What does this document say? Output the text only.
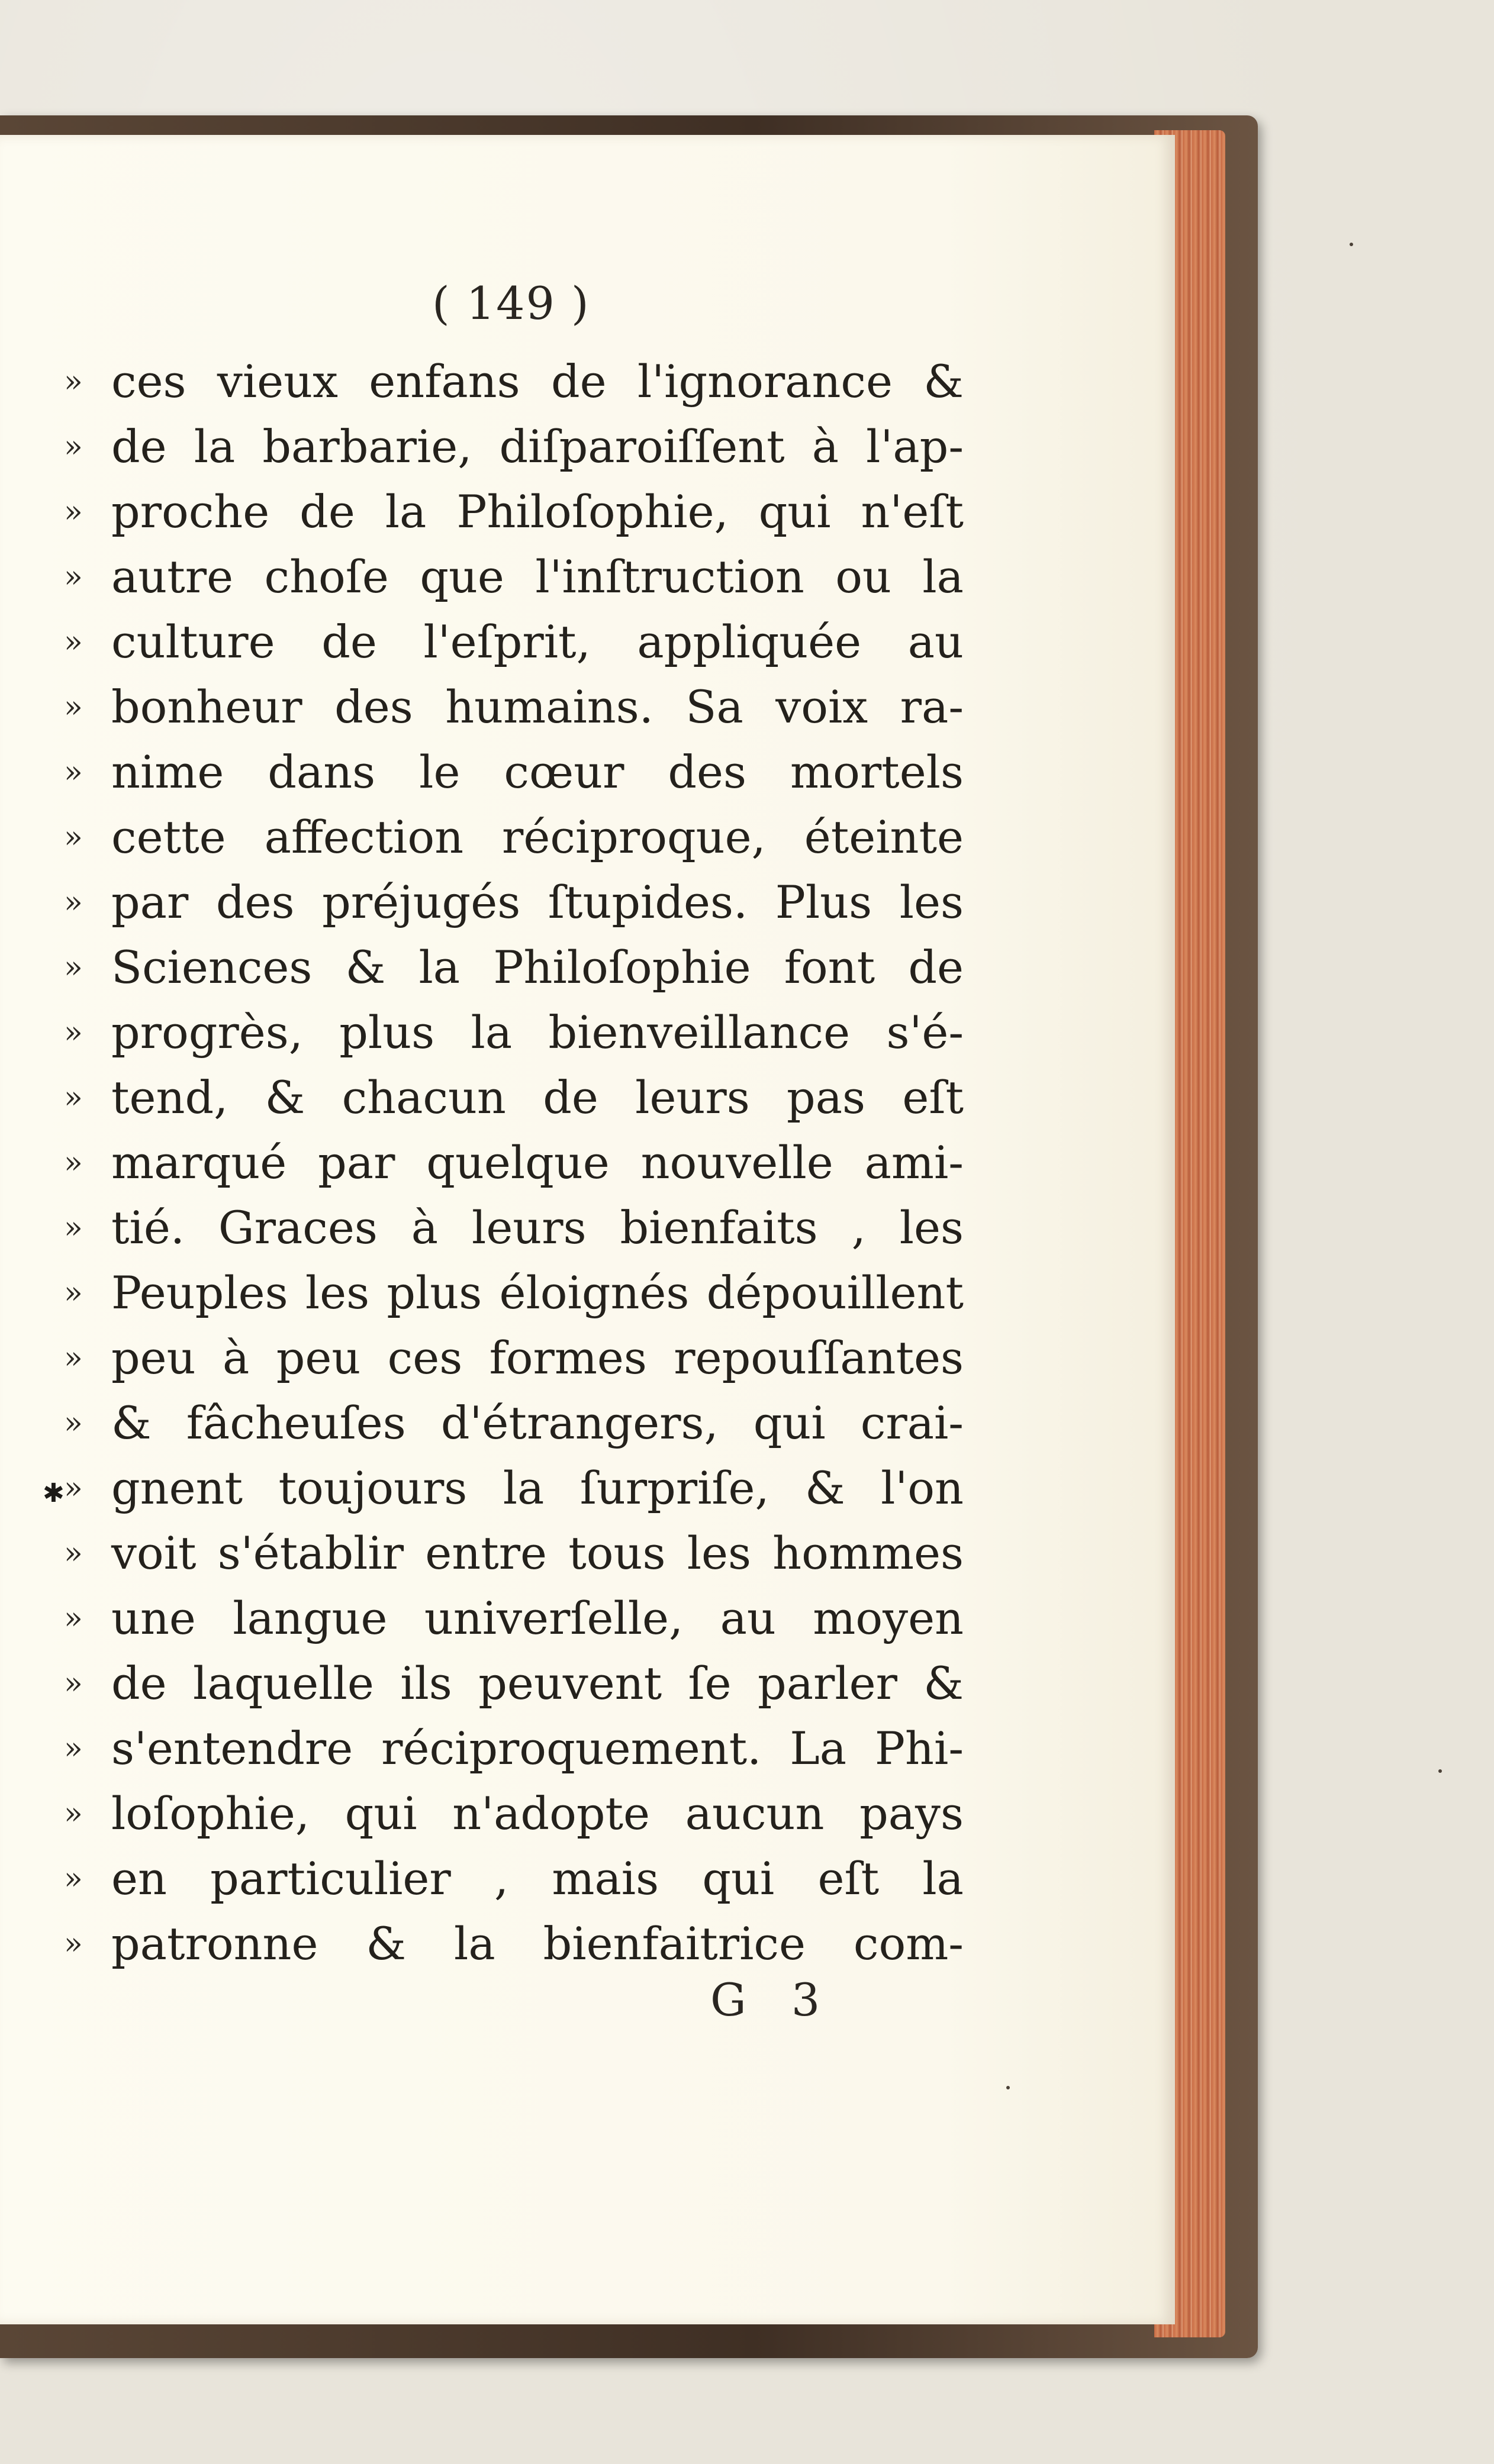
( 149 )
» ces vieux enfans de l'ignorance &
» de la barbarie, diſparoiſſent à l'ap-
» proche de la Philoſophie, qui n'eſt
» autre choſe que l'inſtruction ou la
» culture de l'eſprit, appliquée au
» bonheur des humains. Sa voix ra-
» nime dans le cœur des mortels
» cette affection réciproque, éteinte
» par des préjugés ſtupides. Plus les
» Sciences & la Philoſophie font de
» progrès, plus la bienveillance s'é-
» tend, & chacun de leurs pas eſt
» marqué par quelque nouvelle ami-
» tié. Graces à leurs bienfaits , les
» Peuples les plus éloignés dépouillent
» peu à peu ces formes repouſſantes
» & fâcheuſes d'étrangers, qui crai-
» gnent toujours la ſurpriſe, & l'on
» voit s'établir entre tous les hommes
» une langue univerſelle, au moyen
» de laquelle ils peuvent ſe parler &
» s'entendre réciproquement. La Phi-
» loſophie, qui n'adopte aucun pays
» en particulier , mais qui eſt la
» patronne & la bienfaitrice com-
G 3
✱
